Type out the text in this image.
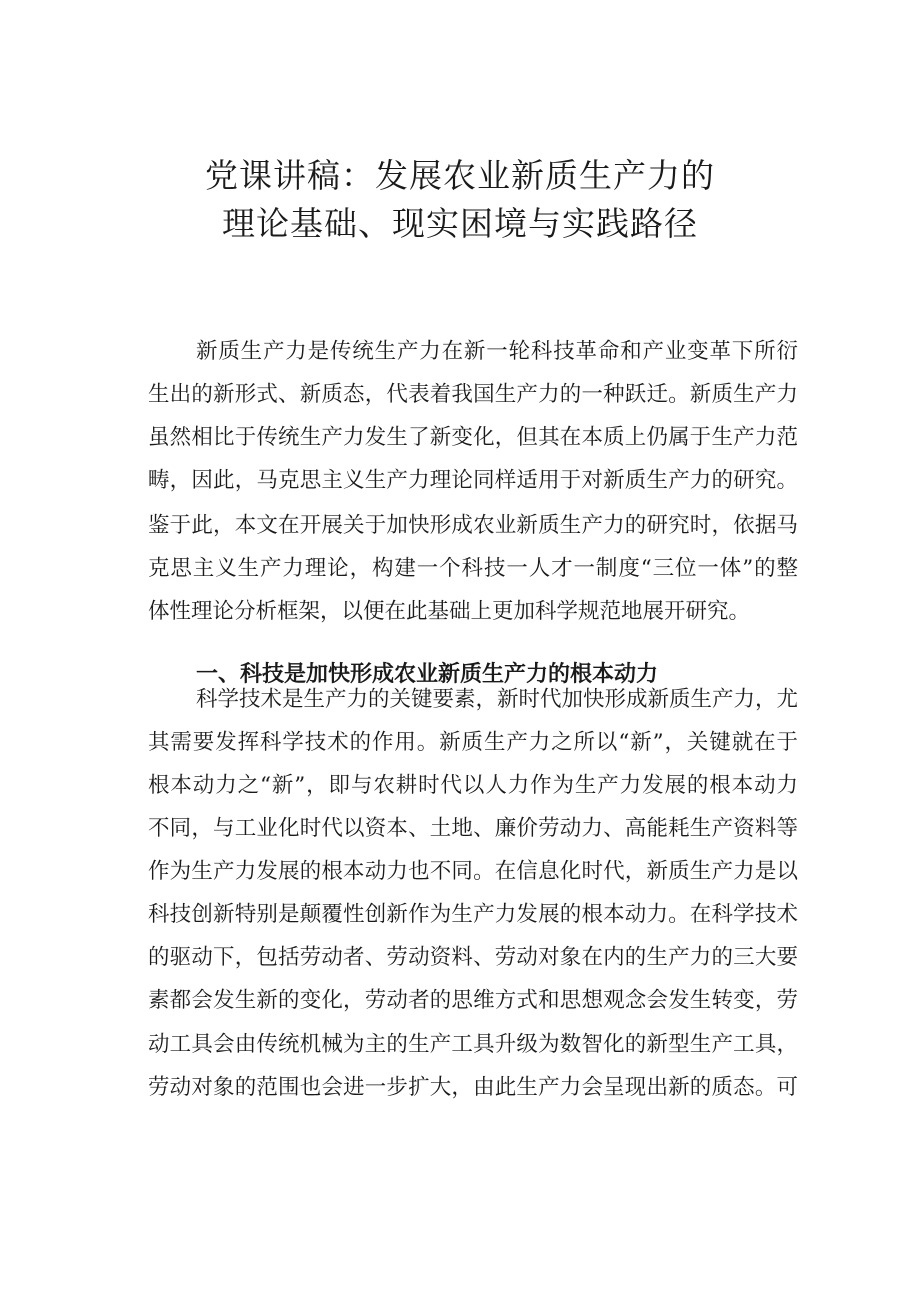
党课讲稿：发展农业新质生产力的
理论基础、现实困境与实践路径
新质生产力是传统生产力在新一轮科技革命和产业变革下所衍
生出的新形式、新质态，代表着我国生产力的一种跃迁。新质生产力
虽然相比于传统生产力发生了新变化，但其在本质上仍属于生产力范
畴，因此，马克思主义生产力理论同样适用于对新质生产力的研究。
鉴于此，本文在开展关于加快形成农业新质生产力的研究时，依据马
克思主义生产力理论，构建一个科技一人才一制度“三位一体”的整
体性理论分析框架，以便在此基础上更加科学规范地展开研究。
一、科技是加快形成农业新质生产力的根本动力
科学技术是生产力的关键要素，新时代加快形成新质生产力，尤
其需要发挥科学技术的作用。新质生产力之所以“新”，关键就在于
根本动力之“新”，即与农耕时代以人力作为生产力发展的根本动力
不同，与工业化时代以资本、土地、廉价劳动力、高能耗生产资料等
作为生产力发展的根本动力也不同。在信息化时代，新质生产力是以
科技创新特别是颠覆性创新作为生产力发展的根本动力。在科学技术
的驱动下，包括劳动者、劳动资料、劳动对象在内的生产力的三大要
素都会发生新的变化，劳动者的思维方式和思想观念会发生转变，劳
动工具会由传统机械为主的生产工具升级为数智化的新型生产工具，
劳动对象的范围也会进一步扩大，由此生产力会呈现出新的质态。可
